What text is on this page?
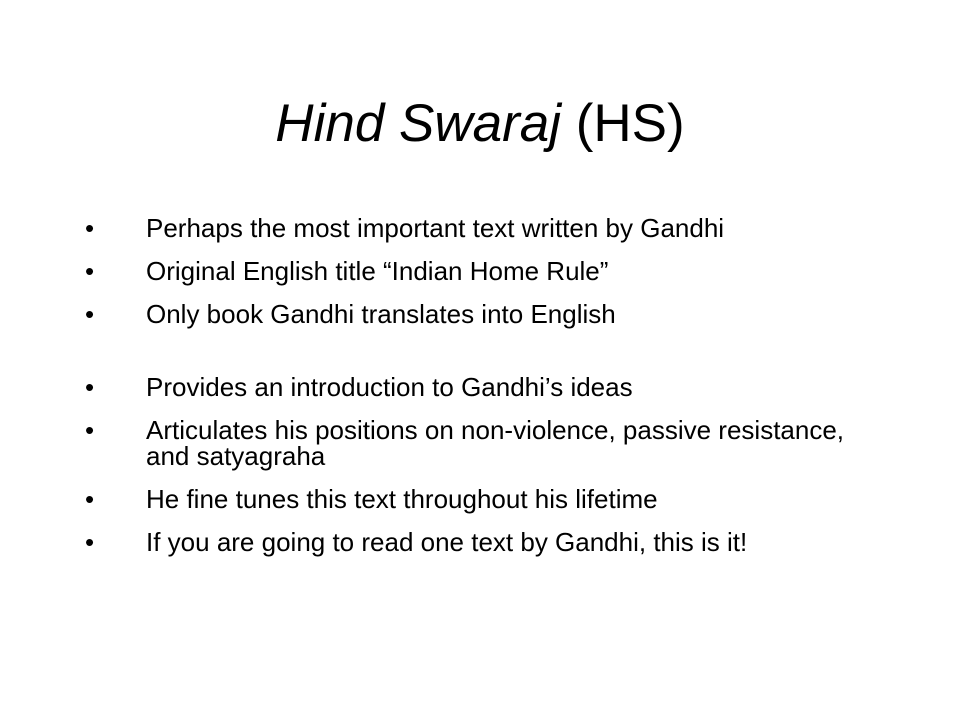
Hind Swaraj (HS)
•	Perhaps the most important text written by Gandhi
•	Original English title “Indian Home Rule”
•	Only book Gandhi translates into English
•	Provides an introduction to Gandhi’s ideas
•	Articulates his positions on non-violence, passive resistance, and satyagraha
•	He fine tunes this text throughout his lifetime
•	If you are going to read one text by Gandhi, this is it!
